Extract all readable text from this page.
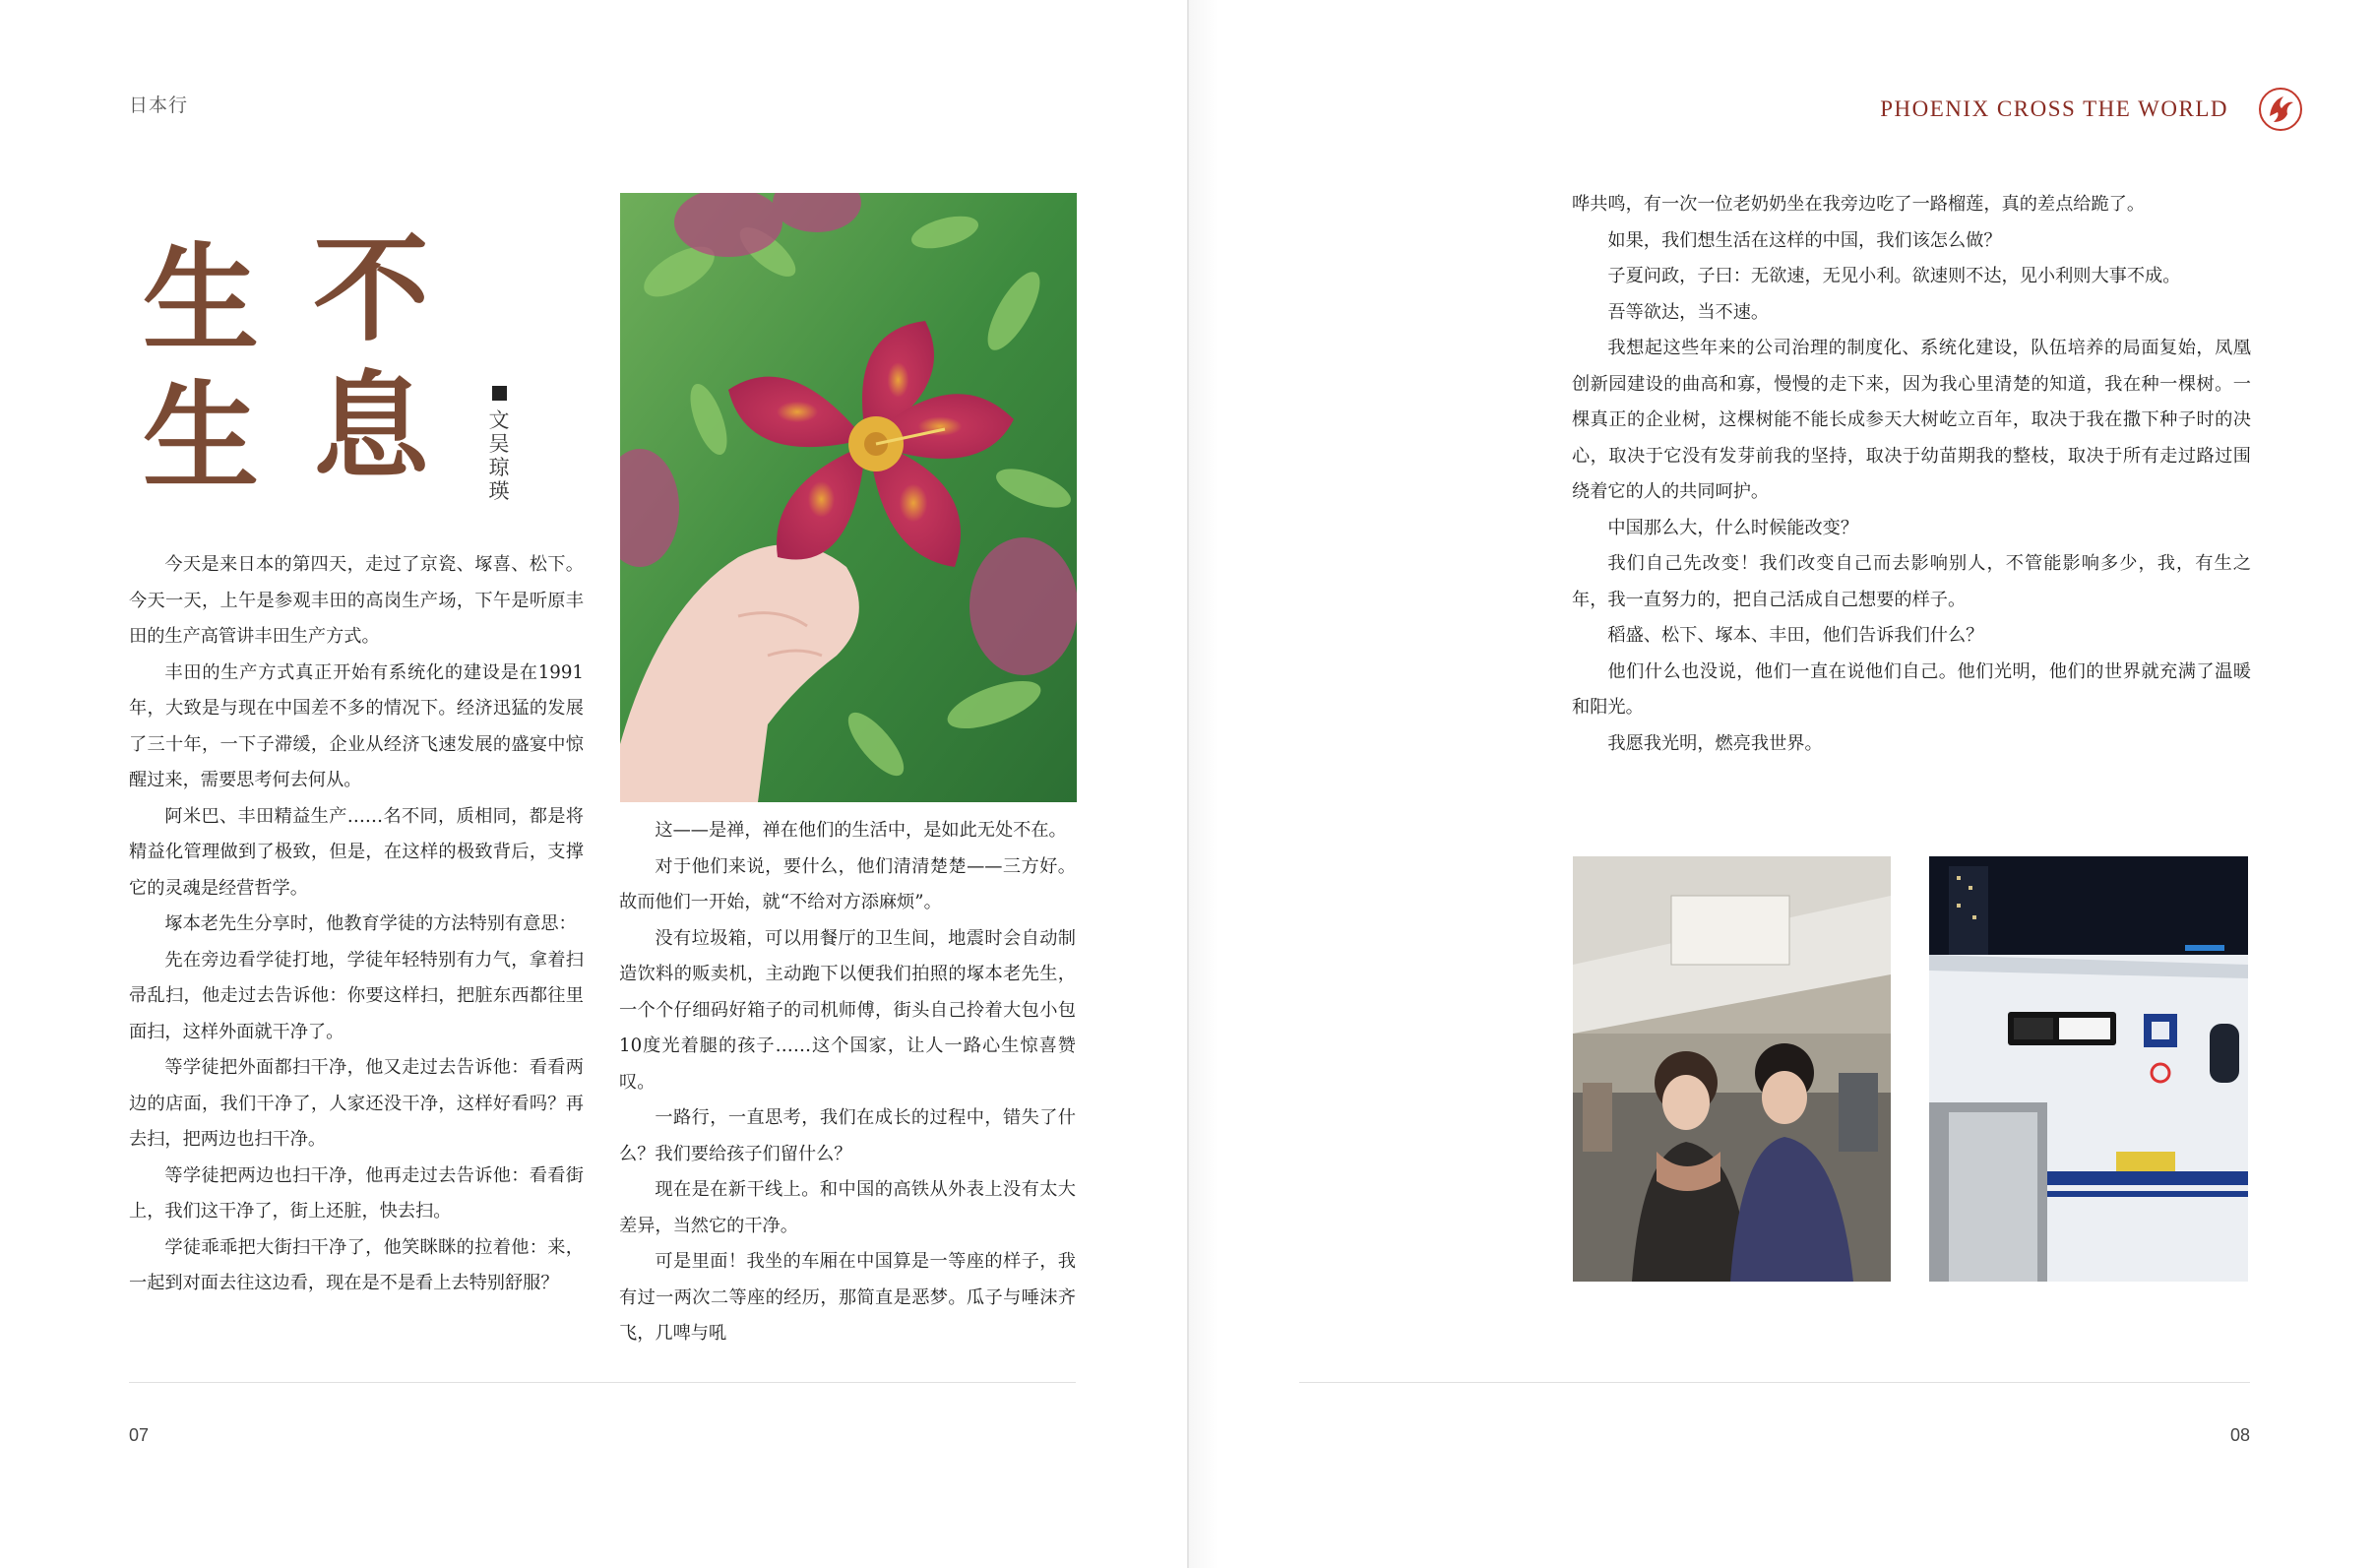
日本行
不
息
生
生	文 吴琼瑛

今天是来日本的第四天，走过了京瓷、塚喜、松下。今天一天，上午是参观丰田的高岗生产场，下午是听原丰田的生产高管讲丰田生产方式。

丰田的生产方式真正开始有系统化的建设是在1991年，大致是与现在中国差不多的情况下。经济迅猛的发展了三十年，一下子滞缓，企业从经济飞速发展的盛宴中惊醒过来，需要思考何去何从。

阿米巴、丰田精益生产……名不同，质相同，都是将精益化管理做到了极致，但是，在这样的极致背后，支撑它的灵魂是经营哲学。

塚本老先生分享时，他教育学徒的方法特别有意思：

先在旁边看学徒打地，学徒年轻特别有力气，拿着扫帚乱扫，他走过去告诉他：你要这样扫，把脏东西都往里面扫，这样外面就干净了。

等学徒把外面都扫干净，他又走过去告诉他：看看两边的店面，我们干净了，人家还没干净，这样好看吗？再去扫，把两边也扫干净。

等学徒把两边也扫干净，他再走过去告诉他：看看街上，我们这干净了，街上还脏，快去扫。

学徒乖乖把大街扫干净了，他笑眯眯的拉着他：来，一起到对面去往这边看，现在是不是看上去特别舒服？

这——是禅，禅在他们的生活中，是如此无处不在。

对于他们来说，要什么，他们清清楚楚——三方好。故而他们一开始，就“不给对方添麻烦”。

没有垃圾箱，可以用餐厅的卫生间，地震时会自动制造饮料的贩卖机，主动跑下以便我们拍照的塚本老先生，一个个仔细码好箱子的司机师傅，街头自己拎着大包小包10度光着腿的孩子……这个国家，让人一路心生惊喜赞叹。

一路行，一直思考，我们在成长的过程中，错失了什么？我们要给孩子们留什么？

现在是在新干线上。和中国的高铁从外表上没有太大差异，当然它的干净。

可是里面！我坐的车厢在中国算是一等座的样子，我有过一两次二等座的经历，那简直是恶梦。瓜子与唾沫齐飞，几啤与吼

07
PHOENIX CROSS THE WORLD

哗共鸣，有一次一位老奶奶坐在我旁边吃了一路榴莲，真的差点给跪了。

如果，我们想生活在这样的中国，我们该怎么做？

子夏问政，子曰：无欲速，无见小利。欲速则不达，见小利则大事不成。

吾等欲达，当不速。

我想起这些年来的公司治理的制度化、系统化建设，队伍培养的局面复始，凤凰创新园建设的曲高和寡，慢慢的走下来，因为我心里清楚的知道，我在种一棵树。一棵真正的企业树，这棵树能不能长成参天大树屹立百年，取决于我在撒下种子时的决心，取决于它没有发芽前我的坚持，取决于幼苗期我的整枝，取决于所有走过路过围绕着它的人的共同呵护。

中国那么大，什么时候能改变？

我们自己先改变！我们改变自己而去影响别人，不管能影响多少，我，有生之年，我一直努力的，把自己活成自己想要的样子。

稻盛、松下、塚本、丰田，他们告诉我们什么？

他们什么也没说，他们一直在说他们自己。他们光明，他们的世界就充满了温暖和阳光。

我愿我光明，燃亮我世界。

08
